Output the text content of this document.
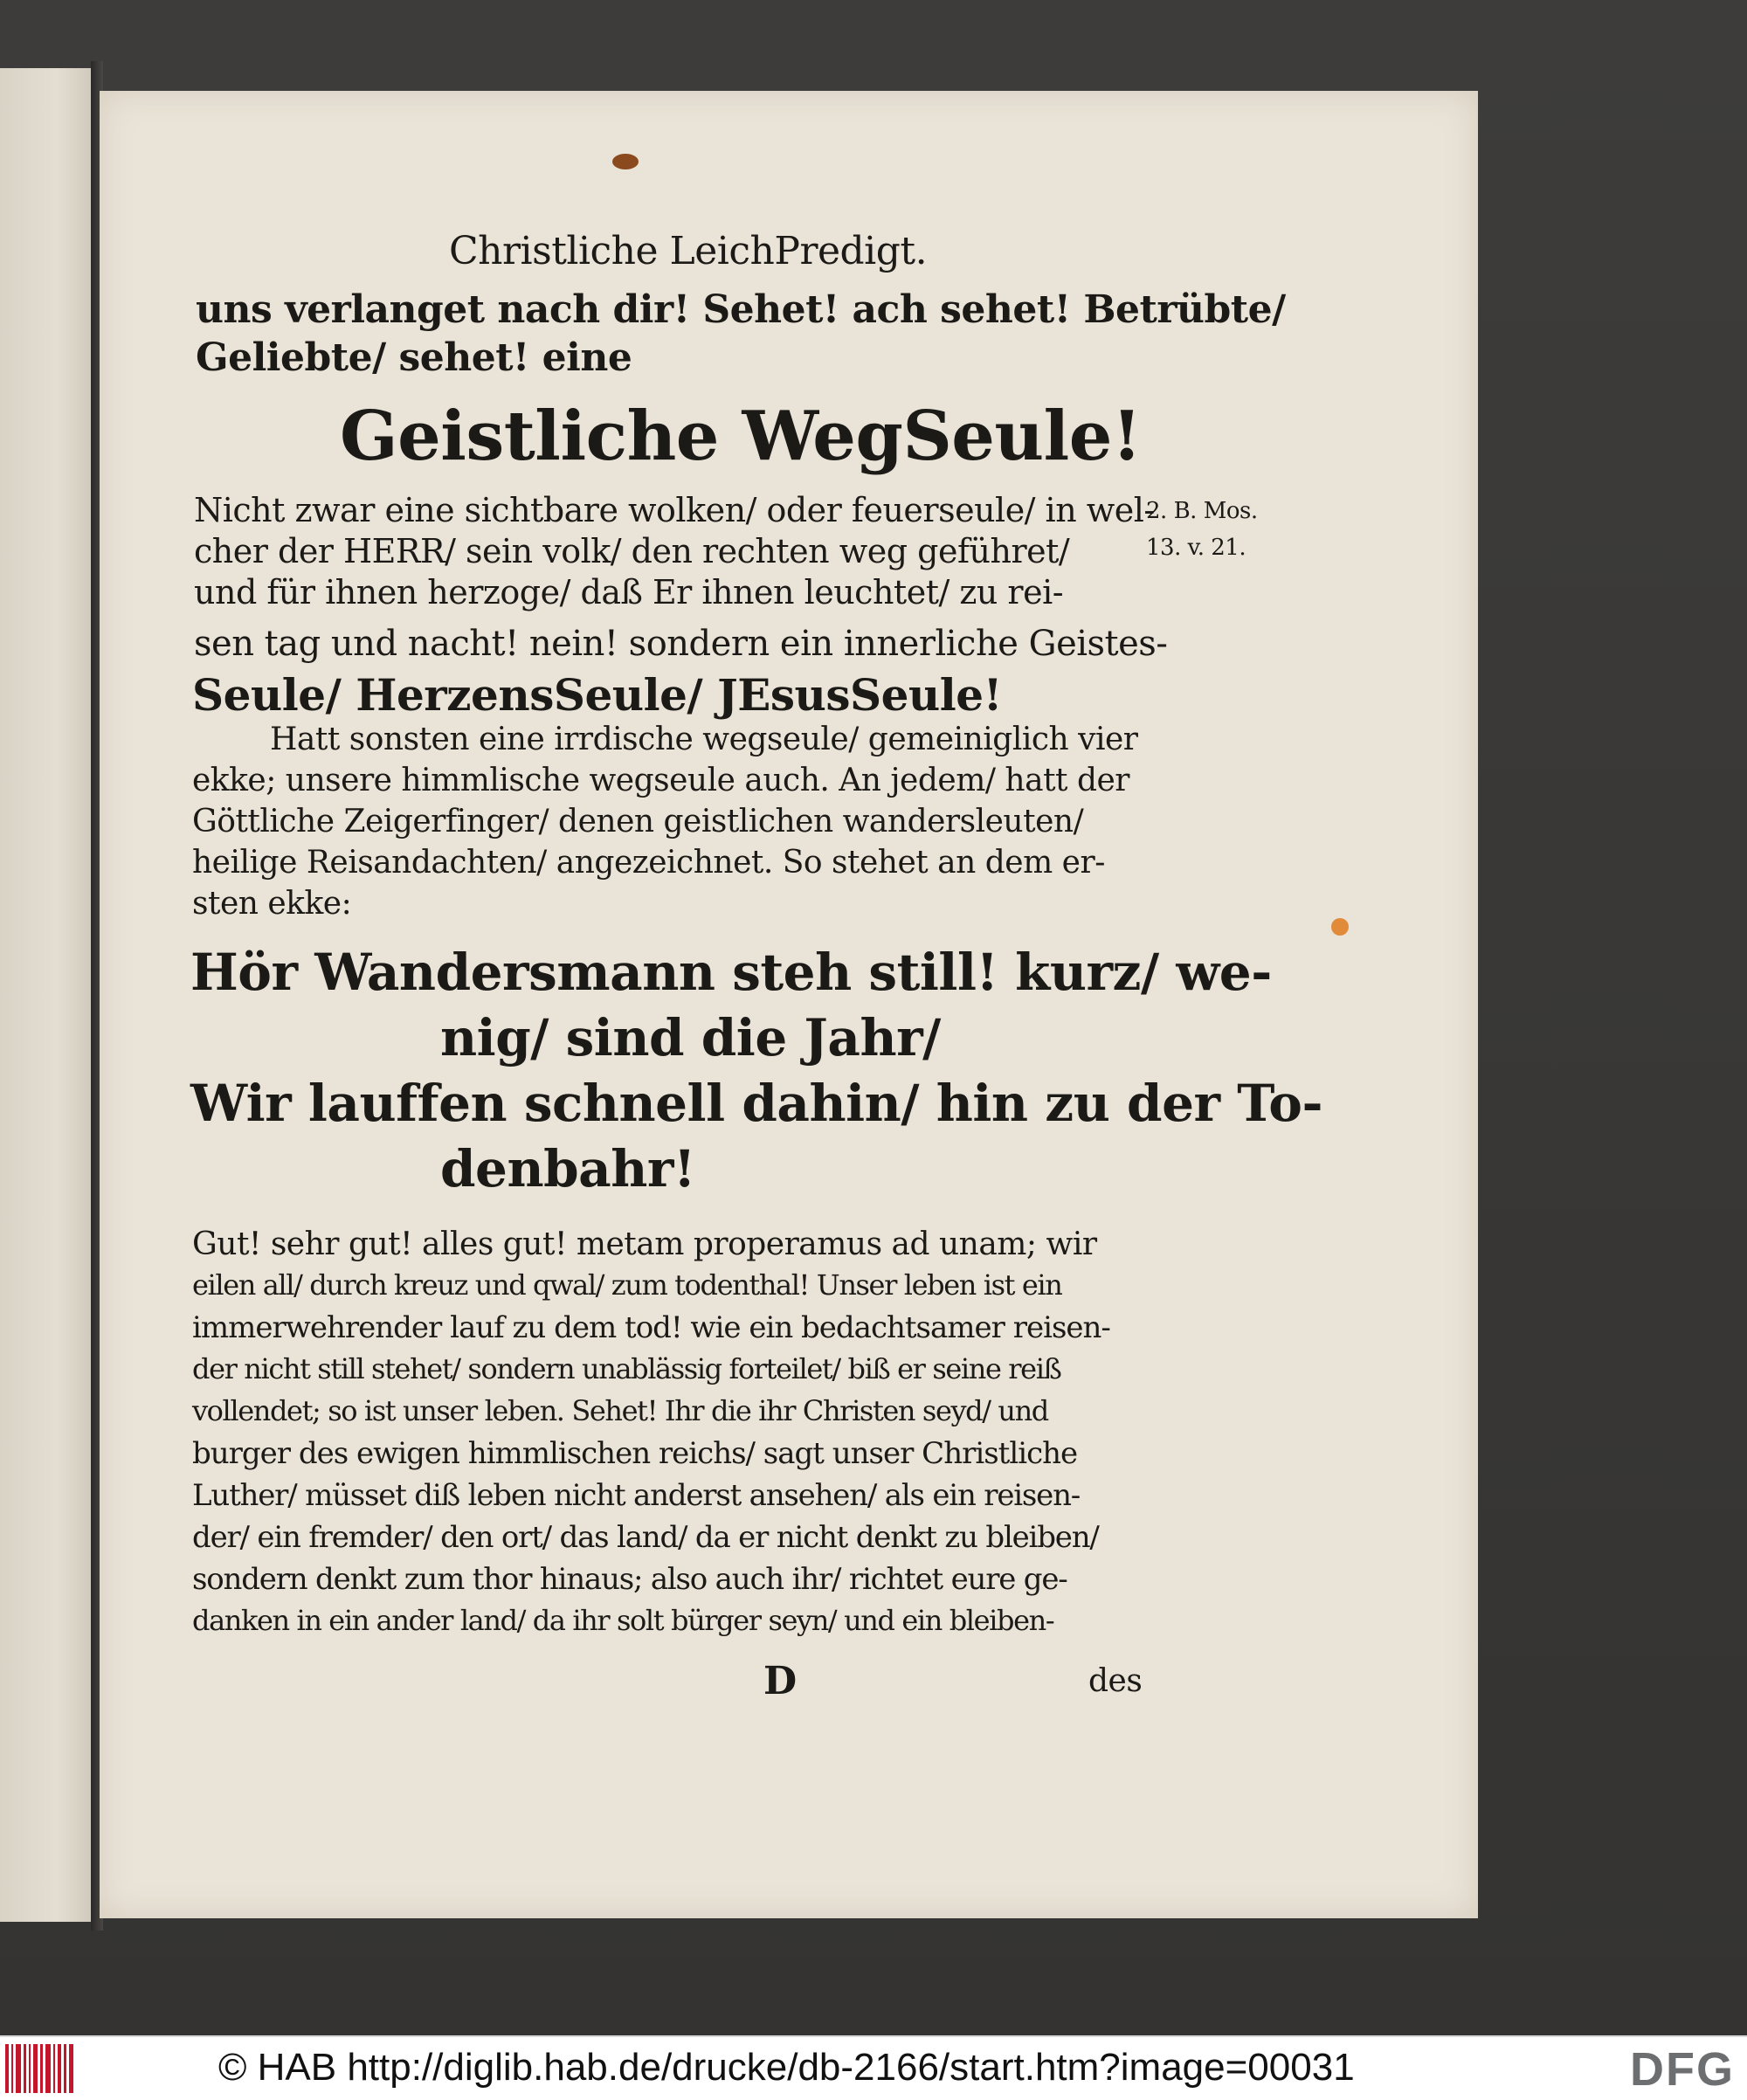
Christliche LeichPredigt.
uns verlanget nach dir! Sehet! ach sehet! Betrübte/
Geliebte/ sehet! eine
Geistliche WegSeule!
Nicht zwar eine sichtbare wolken/ oder feuerseule/ in wel-
cher der HERR/ sein volk/ den rechten weg geführet/
und für ihnen herzoge/ daß Er ihnen leuchtet/ zu rei-
sen tag und nacht! nein! sondern ein innerliche Geistes-
Seule/ HerzensSeule/ JEsusSeule!
Hatt sonsten eine irrdische wegseule/ gemeiniglich vier
ekke; unsere himmlische wegseule auch. An jedem/ hatt der
Göttliche Zeigerfinger/ denen geistlichen wandersleuten/
heilige Reisandachten/ angezeichnet. So stehet an dem er-
sten ekke:
Hör Wandersmann steh still! kurz/ we-
nig/ sind die Jahr/
Wir lauffen schnell dahin/ hin zu der To-
denbahr!
Gut! sehr gut! alles gut! metam properamus ad unam; wir
eilen all/ durch kreuz und qwal/ zum todenthal! Unser leben ist ein
immerwehrender lauf zu dem tod! wie ein bedachtsamer reisen-
der nicht still stehet/ sondern unablässig forteilet/ biß er seine reiß
vollendet; so ist unser leben. Sehet! Ihr die ihr Christen seyd/ und
burger des ewigen himmlischen reichs/ sagt unser Christliche
Luther/ müsset diß leben nicht anderst ansehen/ als ein reisen-
der/ ein fremder/ den ort/ das land/ da er nicht denkt zu bleiben/
sondern denkt zum thor hinaus; also auch ihr/ richtet eure ge-
danken in ein ander land/ da ihr solt bürger seyn/ und ein bleiben-
D	des
2. B. Mos.
13. v. 21.
© HAB http://diglib.hab.de/drucke/db-2166/start.htm?image=00031	DFG
